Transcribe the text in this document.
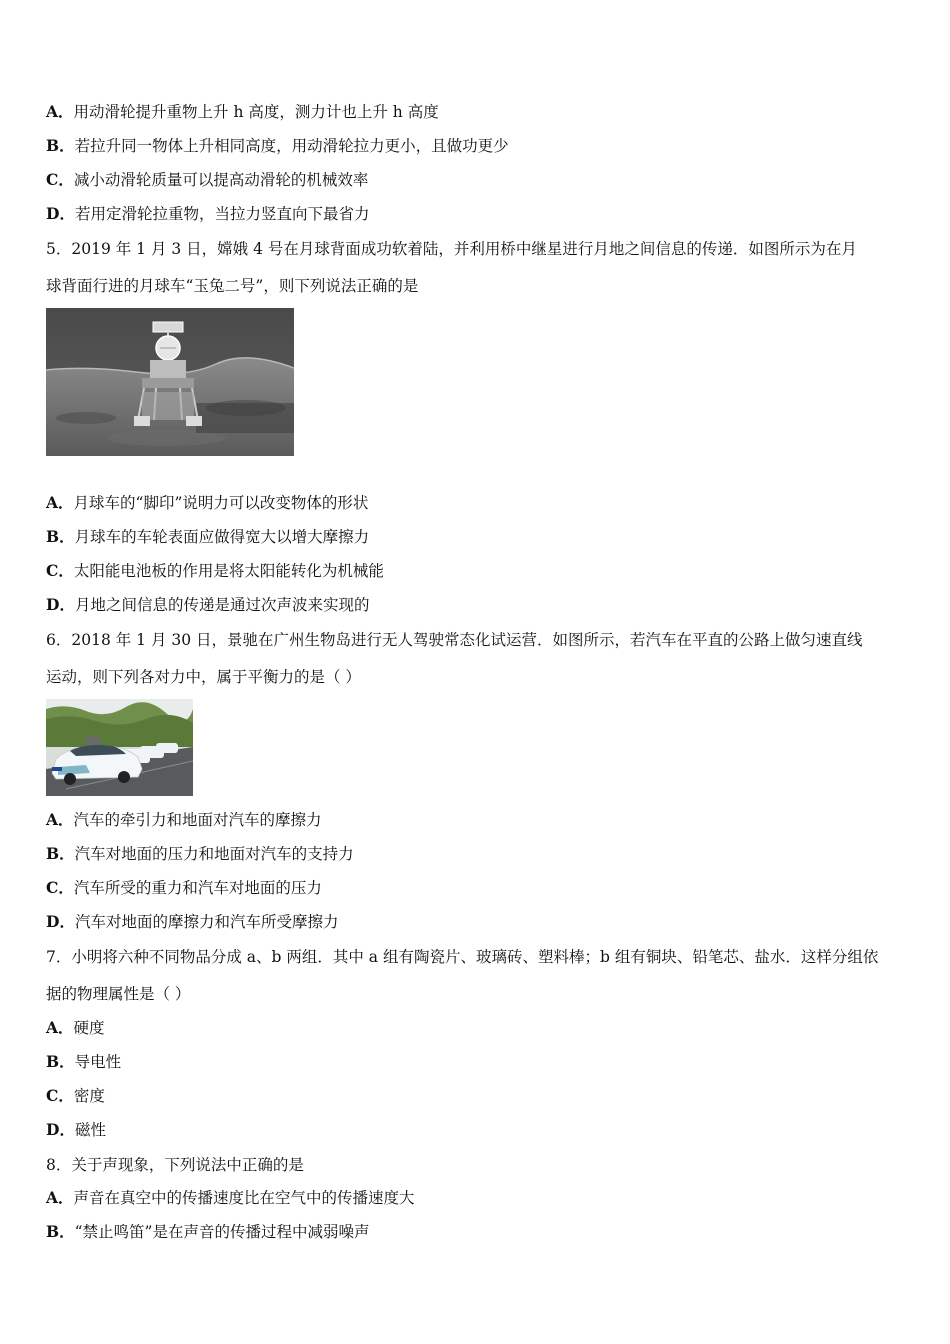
A．用动滑轮提升重物上升 h 高度，测力计也上升 h 高度
B．若拉升同一物体上升相同高度，用动滑轮拉力更小，且做功更少
C．减小动滑轮质量可以提高动滑轮的机械效率
D．若用定滑轮拉重物，当拉力竖直向下最省力
5．2019 年 1 月 3 日，嫦娥 4 号在月球背面成功软着陆，并利用桥中继星进行月地之间信息的传递．如图所示为在月
球背面行进的月球车“玉兔二号”，则下列说法正确的是
A．月球车的“脚印”说明力可以改变物体的形状
B．月球车的车轮表面应做得宽大以增大摩擦力
C．太阳能电池板的作用是将太阳能转化为机械能
D．月地之间信息的传递是通过次声波来实现的
6．2018 年 1 月 30 日，景驰在广州生物岛进行无人驾驶常态化试运营．如图所示，若汽车在平直的公路上做匀速直线
运动，则下列各对力中，属于平衡力的是（ ）
A．汽车的牵引力和地面对汽车的摩擦力
B．汽车对地面的压力和地面对汽车的支持力
C．汽车所受的重力和汽车对地面的压力
D．汽车对地面的摩擦力和汽车所受摩擦力
7．小明将六种不同物品分成 a、b 两组．其中 a 组有陶瓷片、玻璃砖、塑料棒；b 组有铜块、铅笔芯、盐水．这样分组依
据的物理属性是（ ）
A．硬度
B．导电性
C．密度
D．磁性
8．关于声现象，下列说法中正确的是
A．声音在真空中的传播速度比在空气中的传播速度大
B．“禁止鸣笛”是在声音的传播过程中减弱噪声
